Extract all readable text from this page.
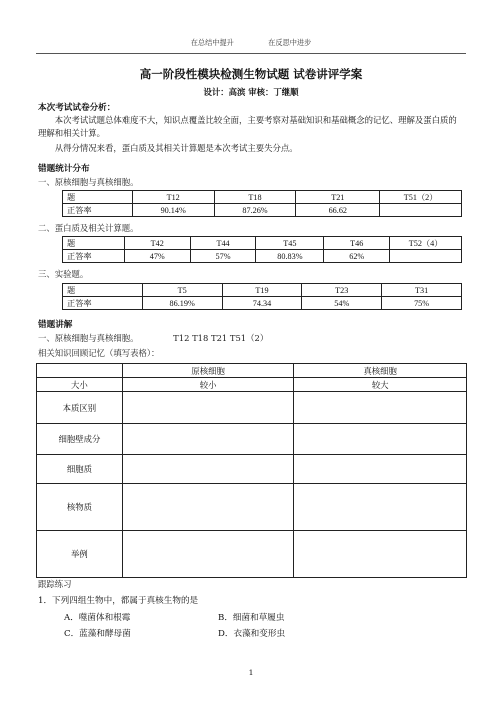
在总结中提升	在反思中进步
高一阶段性模块检测生物试题 试卷讲评学案
设计：高滨 审核：丁继顺
本次考试试卷分析：
本次考试试题总体难度不大，知识点覆盖比较全面，主要考察对基础知识和基础概念的记忆、理解及蛋白质的理解和相关计算。
从得分情况来看，蛋白质及其相关计算题是本次考试主要失分点。
错题统计分布
一、原核细胞与真核细胞。
题	T12	T18	T21	T51（2）
正答率	90.14%	87.26%	66.62	
二、蛋白质及相关计算题。
题	T42	T44	T45	T46	T52（4）
正答率	47%	57%	80.83%	62%	
三、实验题。
题	T5	T19	T23	T31
正答率	86.19%	74.34	54%	75%
错题讲解
一、原核细胞与真核细胞。	T12 T18 T21 T51（2）
相关知识回顾记忆（填写表格）：
	原核细胞	真核细胞
大小	较小	较大
本质区别		
细胞壁成分		
细胞质		
核物质		
举例		
跟踪练习
1．下列四组生物中，都属于真核生物的是
A．噬菌体和根霉	B．细菌和草履虫
C．蓝藻和酵母菌	D．衣藻和变形虫
1
